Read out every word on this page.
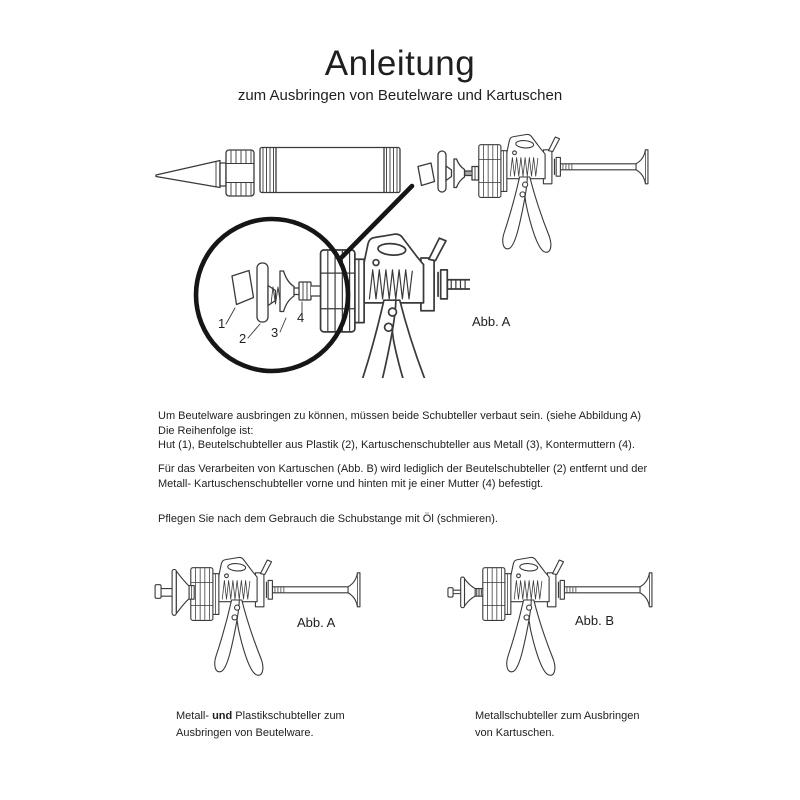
Anleitung
zum Ausbringen von Beutelware und Kartuschen
1
2 3
4	Abb. A
Um Beutelware ausbringen zu können, müssen beide Schubteller verbaut sein. (siehe Abbildung A)
Die Reihenfolge ist:
Hut (1), Beutelschubteller aus Plastik (2), Kartuschenschubteller aus Metall (3), Kontermuttern (4).
Für das Verarbeiten von Kartuschen (Abb. B) wird lediglich der Beutelschubteller (2) entfernt und der
Metall- Kartuschenschubteller vorne und hinten mit je einer Mutter (4) befestigt.
Pflegen Sie nach dem Gebrauch die Schubstange mit Öl (schmieren).
Abb. A	Abb. B
Metall- und Plastikschubteller zum
Ausbringen von Beutelware.
Metallschubteller zum Ausbringen
von Kartuschen.
